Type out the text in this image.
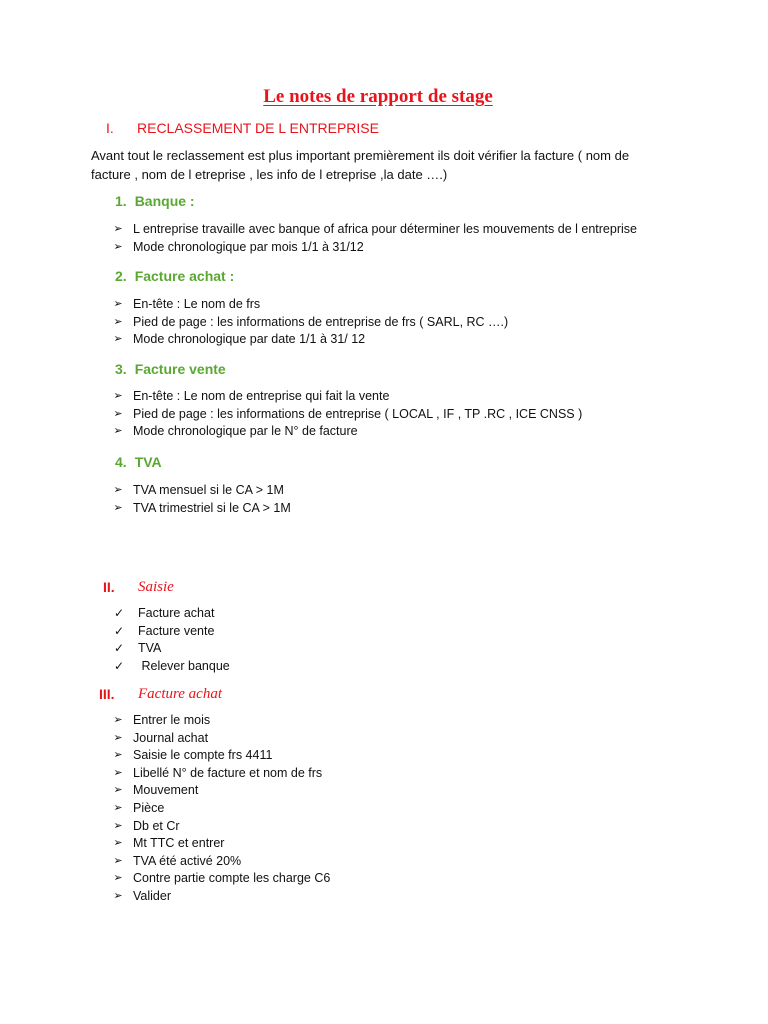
Le notes de rapport de stage
I. RECLASSEMENT DE L ENTREPRISE
Avant tout le reclassement est plus important premièrement ils doit vérifier la facture ( nom de facture , nom de l etreprise , les info de l etreprise ,la date ….)
1. Banque :
➢ L entreprise travaille avec banque of africa pour déterminer les mouvements de l entreprise
➢ Mode chronologique par mois 1/1 à 31/12
2. Facture achat :
➢ En-tête : Le nom de frs
➢ Pied de page : les informations de entreprise de frs ( SARL, RC ….)
➢ Mode chronologique par date 1/1 à 31/ 12
3. Facture vente
➢ En-tête : Le nom de entreprise qui fait la vente
➢ Pied de page : les informations de entreprise ( LOCAL , IF , TP .RC , ICE CNSS )
➢ Mode chronologique par le N° de facture
4. TVA
➢ TVA mensuel si le CA > 1M
➢ TVA trimestriel si le CA > 1M
II. Saisie
✓ Facture achat
✓ Facture vente
✓ TVA
✓ Relever banque
III. Facture achat
➢ Entrer le mois
➢ Journal achat
➢ Saisie le compte frs 4411
➢ Libellé N° de facture et nom de frs
➢ Mouvement
➢ Pièce
➢ Db et Cr
➢ Mt TTC et entrer
➢ TVA été activé 20%
➢ Contre partie compte les charge C6
➢ Valider
